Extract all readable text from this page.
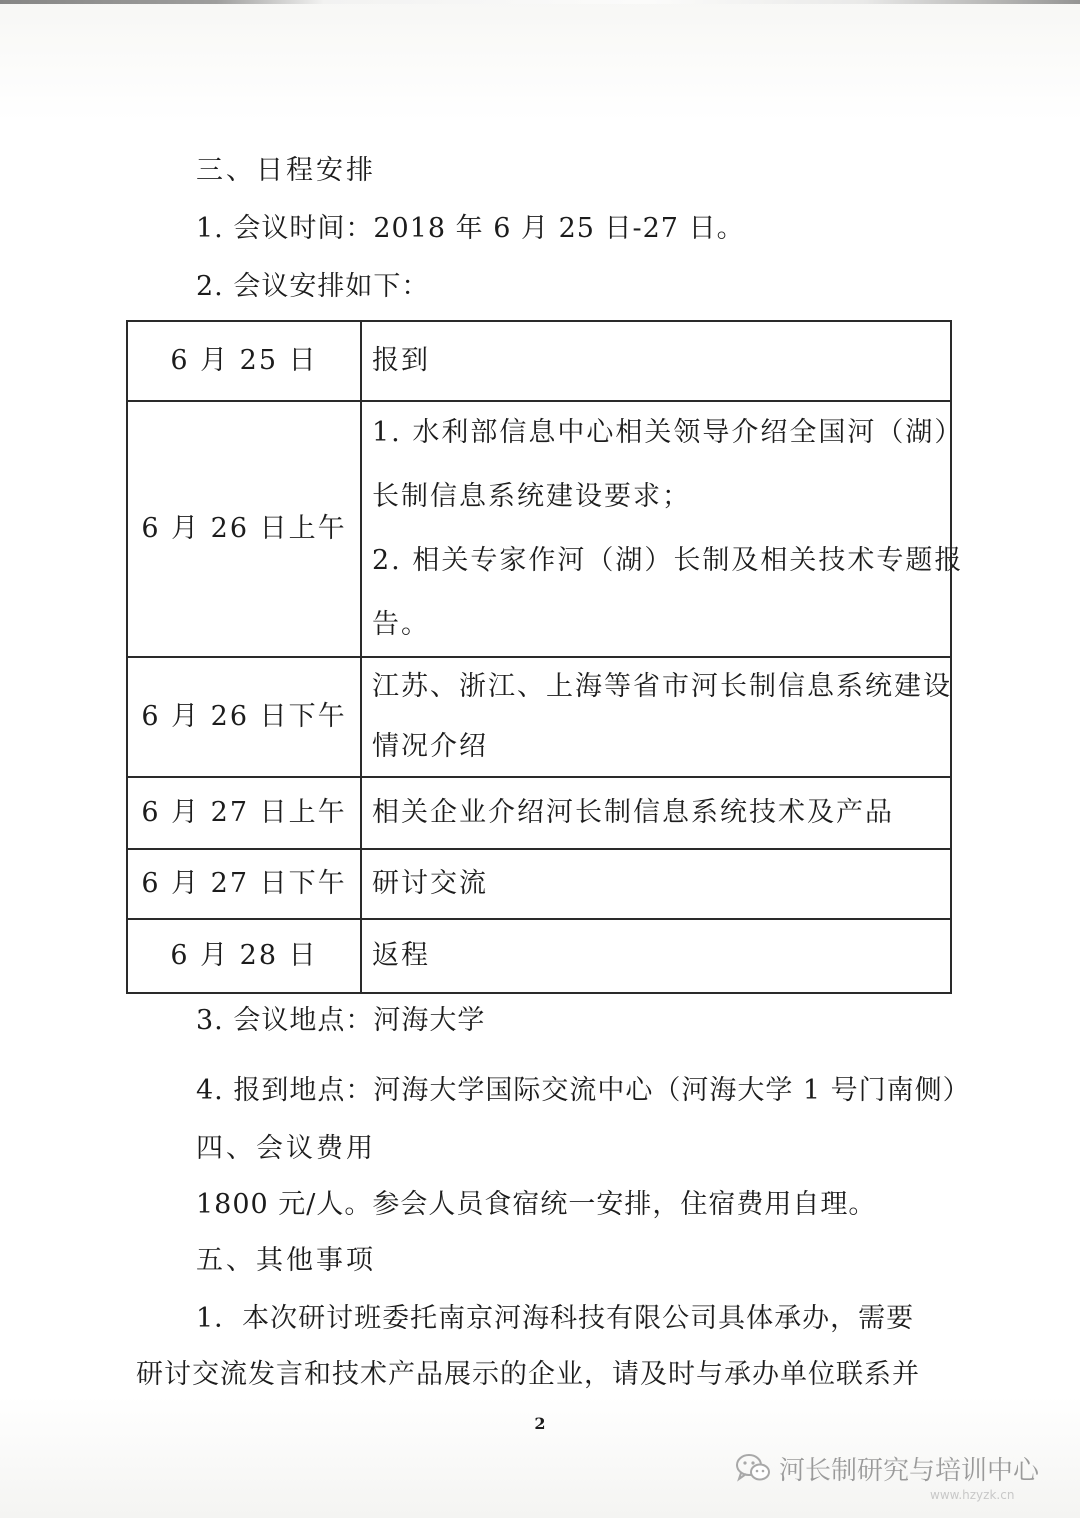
三、日程安排
1. 会议时间：2018 年 6 月 25 日-27 日。
2. 会议安排如下：
6 月 25 日	报到

6 月 26 日上午	1. 水利部信息中心相关领导介绍全国河（湖）
长制信息系统建设要求；
2. 相关专家作河（湖）长制及相关技术专题报
告。

6 月 26 日下午	江苏、浙江、上海等省市河长制信息系统建设
情况介绍

6 月 27 日上午	相关企业介绍河长制信息系统技术及产品

6 月 27 日下午	研讨交流

6 月 28 日	返程
3. 会议地点：河海大学
4. 报到地点：河海大学国际交流中心（河海大学 1 号门南侧）
四、会议费用
1800 元/人。参会人员食宿统一安排，住宿费用自理。
五、其他事项
1．本次研讨班委托南京河海科技有限公司具体承办，需要
研讨交流发言和技术产品展示的企业，请及时与承办单位联系并
2
河长制研究与培训中心
www.hzyzk.cn
